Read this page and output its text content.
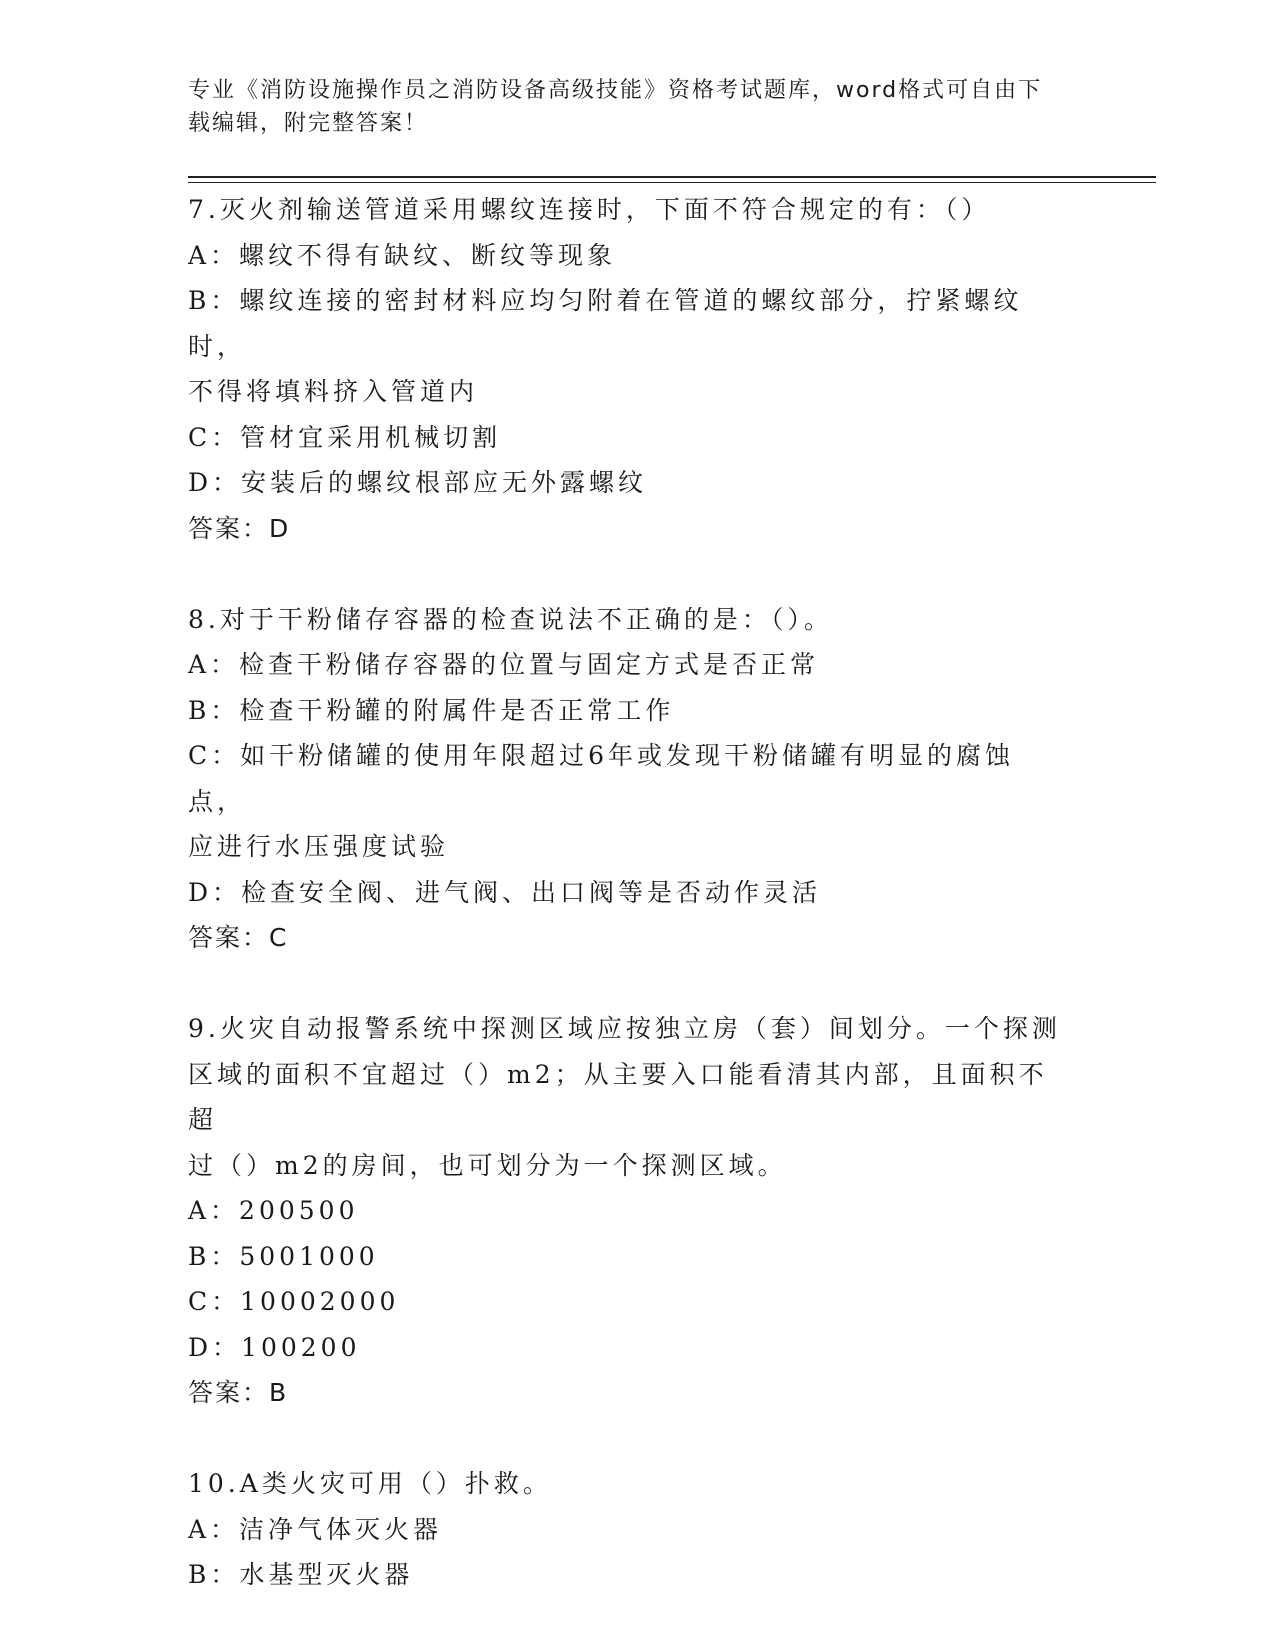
专业《消防设施操作员之消防设备高级技能》资格考试题库，word格式可自由下
载编辑，附完整答案！
7.灭火剂输送管道采用螺纹连接时，下面不符合规定的有：（）
A：螺纹不得有缺纹、断纹等现象
B：螺纹连接的密封材料应均匀附着在管道的螺纹部分，拧紧螺纹时，
不得将填料挤入管道内
C：管材宜采用机械切割
D：安装后的螺纹根部应无外露螺纹
答案：D
8.对于干粉储存容器的检查说法不正确的是：（）。
A：检查干粉储存容器的位置与固定方式是否正常
B：检查干粉罐的附属件是否正常工作
C：如干粉储罐的使用年限超过6年或发现干粉储罐有明显的腐蚀点，
应进行水压强度试验
D：检查安全阀、进气阀、出口阀等是否动作灵活
答案：C
9.火灾自动报警系统中探测区域应按独立房（套）间划分。一个探测
区域的面积不宜超过（）m2；从主要入口能看清其内部，且面积不超
过（）m2的房间，也可划分为一个探测区域。
A：200500
B：5001000
C：10002000
D：100200
答案：B
10.A类火灾可用（）扑救。
A：洁净气体灭火器
B：水基型灭火器
